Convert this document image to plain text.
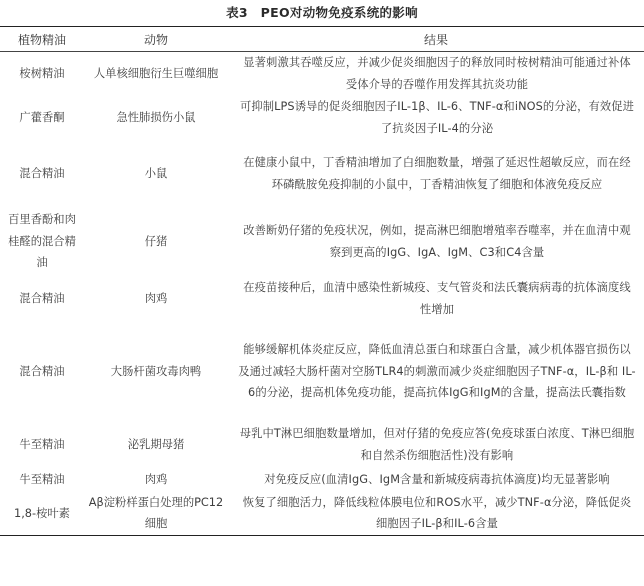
表3　PEO对动物免疫系统的影响
植物精油	动物	结果
桉树精油	人单核细胞衍生巨噬细胞	显著刺激其吞噬反应，并减少促炎细胞因子的释放同时桉树精油可能通过补体受体介导的吞噬作用发挥其抗炎功能
广藿香酮	急性肺损伤小鼠	可抑制LPS诱导的促炎细胞因子IL-1β、IL-6、TNF-α和iNOS的分泌，有效促进了抗炎因子IL-4的分泌
混合精油	小鼠	在健康小鼠中，丁香精油增加了白细胞数量，增强了延迟性超敏反应，而在经环磷酰胺免疫抑制的小鼠中，丁香精油恢复了细胞和体液免疫反应
百里香酚和肉桂醛的混合精油	仔猪	改善断奶仔猪的免疫状况，例如，提高淋巴细胞增殖率吞噬率，并在血清中观察到更高的IgG、IgA、IgM、C3和C4含量
混合精油	肉鸡	在疫苗接种后，血清中感染性新城疫、支气管炎和法氏囊病病毒的抗体滴度线性增加
混合精油	大肠杆菌攻毒肉鸭	能够缓解机体炎症反应，降低血清总蛋白和球蛋白含量，减少机体器官损伤以及通过减轻大肠杆菌对空肠TLR4的刺激而减少炎症细胞因子TNF-α，IL-β和 IL-6的分泌，提高机体免疫功能，提高抗体IgG和IgM的含量，提高法氏囊指数
牛至精油	泌乳期母猪	母乳中T淋巴细胞数量增加，但对仔猪的免疫应答(免疫球蛋白浓度、T淋巴细胞和自然杀伤细胞活性)没有影响
牛至精油	肉鸡	对免疫反应(血清IgG、IgM含量和新城疫病毒抗体滴度)均无显著影响
1,8-桉叶素	Aβ淀粉样蛋白处理的PC12细胞	恢复了细胞活力，降低线粒体膜电位和ROS水平，减少TNF-α分泌，降低促炎细胞因子IL-β和IL-6含量
